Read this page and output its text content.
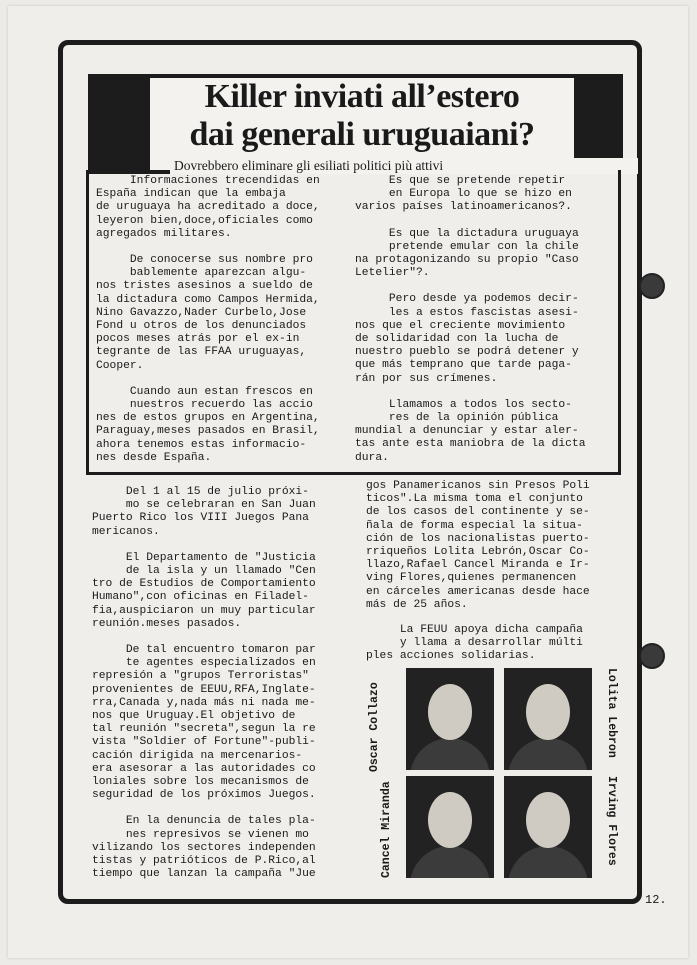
Killer inviati all’estero
dai generali uruguaiani?
Dovrebbero eliminare gli esiliati politici più attivi

Informaciones trecendidas en
España indican que la embaja
de uruguaya ha acreditado a doce,
leyeron bien,doce,oficiales como
agregados militares.

De conocerse sus nombre pro
bablemente aparezcan algu-
nos tristes asesinos a sueldo de
la dictadura como Campos Hermida,
Nino Gavazzo,Nader Curbelo,Jose
Fond u otros de los denunciados
pocos meses atrás por el ex-in
tegrante de las FFAA uruguayas,
Cooper.

Cuando aun estan frescos en
nuestros recuerdo las accio
nes de estos grupos en Argentina,
Paraguay,meses pasados en Brasil,
ahora tenemos estas informacio-
nes desde España.

Es que se pretende repetir
en Europa lo que se hizo en
varios países latinoamericanos?.

Es que la dictadura uruguaya
pretende emular con la chile
na protagonizando su propio "Caso
Letelier"?.

Pero desde ya podemos decir-
les a estos fascistas asesi-
nos que el creciente movimiento
de solidaridad con la lucha de
nuestro pueblo se podrá detener y
que más temprano que tarde paga-
rán por sus crímenes.

Llamamos a todos los secto-
res de la opinión pública
mundial a denunciar y estar aler-
tas ante esta maniobra de la dicta
dura.

Del 1 al 15 de julio próxi-
mo se celebraran en San Juan
Puerto Rico los VIII Juegos Pana
mericanos.

El Departamento de "Justicia
de la isla y un llamado "Cen
tro de Estudios de Comportamiento
Humano",con oficinas en Filadel-
fia,auspiciaron un muy particular
reunión.meses pasados.

De tal encuentro tomaron par
te agentes especializados en
represión a "grupos Terroristas"
provenientes de EEUU,RFA,Inglate-
rra,Canada y,nada más ni nada me-
nos que Uruguay.El objetivo de
tal reunión "secreta",segun la re
vista "Soldier of Fortune"-publi-
cación dirigida na mercenarios-
era asesorar a las autoridades co
loniales sobre los mecanismos de
seguridad de los próximos Juegos.

En la denuncia de tales pla-
nes represivos se vienen mo
vilizando los sectores independen
tistas y patrióticos de P.Rico,al
tiempo que lanzan la campaña "Jue

gos Panamericanos sin Presos Poli
ticos".La misma toma el conjunto
de los casos del continente y se-
ñala de forma especial la situa-
ción de los nacionalistas puerto-
rriqueños Lolita Lebrón,Oscar Co-
llazo,Rafael Cancel Miranda e Ir-
ving Flores,quienes permanencen
en cárceles americanas desde hace
más de 25 años.

La FEUU apoya dicha campaña
y llama a desarrollar múlti
ples acciones solidarias.

Oscar Collazo
Cancel Miranda
Lolita Lebron
Irving Flores
12.
